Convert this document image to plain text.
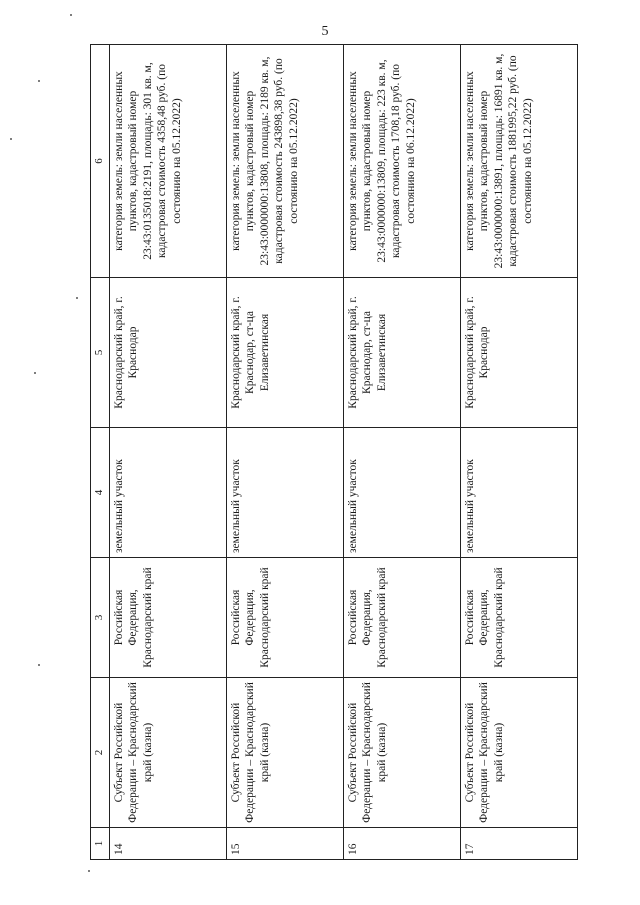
5
1	2	3	4	5	6
14	Субъект Российской Федерации – Краснодарский край (казна)	Российская Федерация, Краснодарский край	земельный участок	Краснодарский край, г. Краснодар	категория земель: земли населенных пунктов, кадастровый номер 23:43:0135018:2191, площадь: 301 кв. м, кадастровая стоимость 4358,48 руб. (по состоянию на 05.12.2022)
15	Субъект Российской Федерации – Краснодарский край (казна)	Российская Федерация, Краснодарский край	земельный участок	Краснодарский край, г. Краснодар, ст-ца Елизаветинская	категория земель: земли населенных пунктов, кадастровый номер 23:43:0000000:13808, площадь: 2189 кв. м, кадастровая стоимость 243898,38 руб. (по состоянию на 05.12.2022)
16	Субъект Российской Федерации – Краснодарский край (казна)	Российская Федерация, Краснодарский край	земельный участок	Краснодарский край, г. Краснодар, ст-ца Елизаветинская	категория земель: земли населенных пунктов, кадастровый номер 23:43:0000000:13809, площадь: 223 кв. м, кадастровая стоимость 1708,18 руб. (по состоянию на 06.12.2022)
17	Субъект Российской Федерации – Краснодарский край (казна)	Российская Федерация, Краснодарский край	земельный участок	Краснодарский край, г. Краснодар	категория земель: земли населенных пунктов, кадастровый номер 23:43:0000000:13891, площадь: 16891 кв. м, кадастровая стоимость 1881995,22 руб. (по состоянию на 05.12.2022)
